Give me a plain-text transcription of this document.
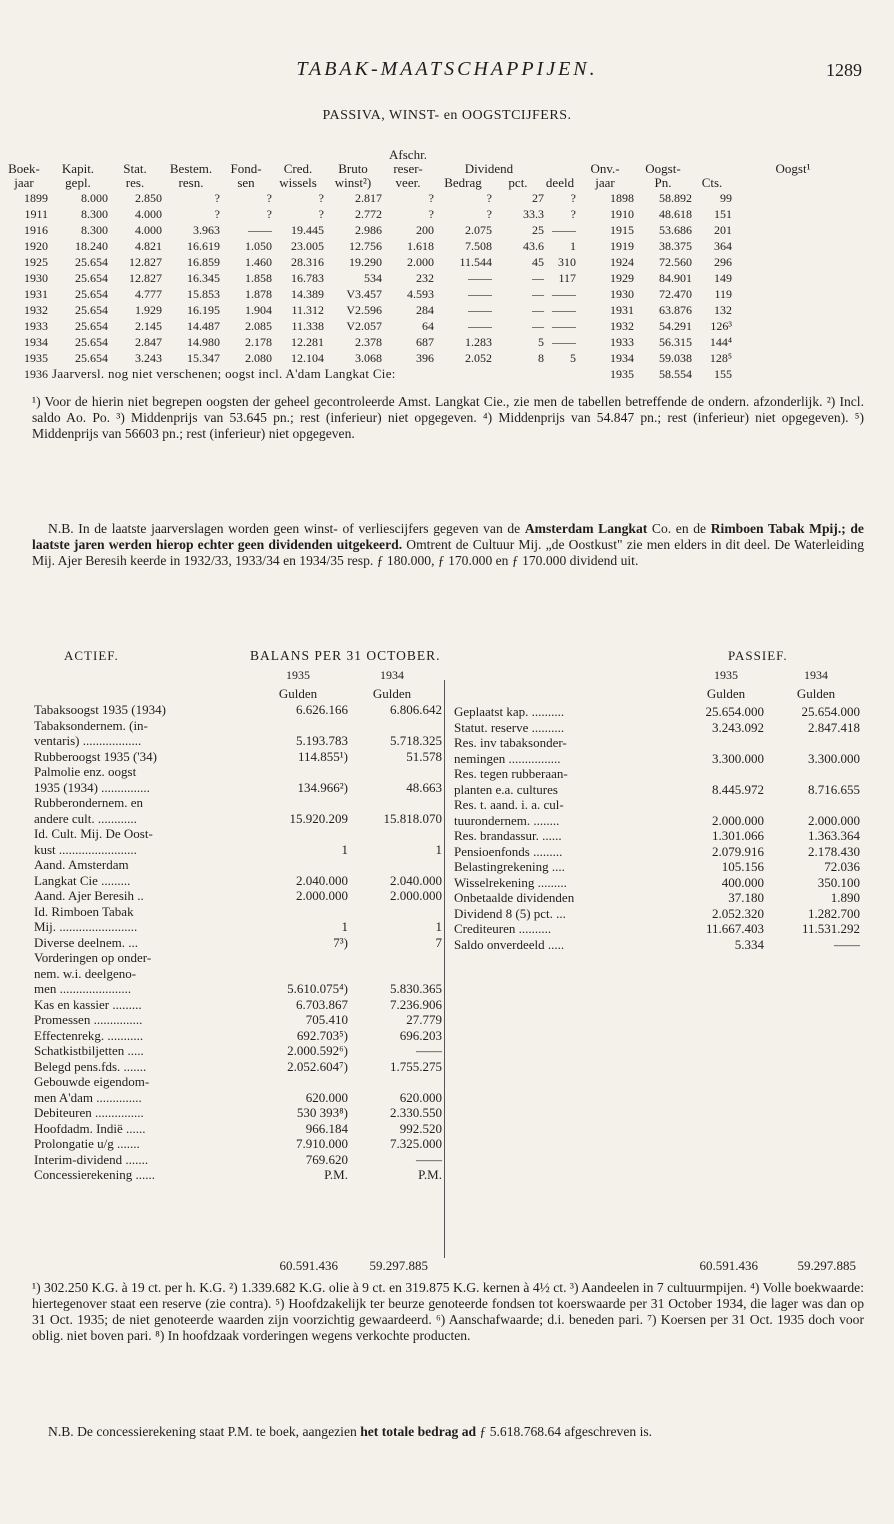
TABAK-MAATSCHAPPIJEN.	1289
PASSIVA, WINST- en OOGSTCIJFERS.
							Afschr.						
Boek-	Kapit.	Stat.	Bestem.	Fond-	Cred.	Bruto	reser-	Dividend			Onv.-	Oogst-	Oogst¹
jaar	gepl.	res.	resn.	sen	wissels	winst²)	veer.	Bedrag	pct.	deeld	jaar	Pn.	Cts.
1899	8.000	2.850	?	?	?	2.817	?	?	27	?	1898	58.892	99
1911	8.300	4.000	?	?	?	2.772	?	?	33.3	?	1910	48.618	151
1916	8.300	4.000	3.963	——	19.445	2.986	200	2.075	25	——	1915	53.686	201
1920	18.240	4.821	16.619	1.050	23.005	12.756	1.618	7.508	43.6	1	1919	38.375	364
1925	25.654	12.827	16.859	1.460	28.316	19.290	2.000	11.544	45	310	1924	72.560	296
1930	25.654	12.827	16.345	1.858	16.783	534	232	——	—	117	1929	84.901	149
1931	25.654	4.777	15.853	1.878	14.389	V3.457	4.593	——	—	——	1930	72.470	119
1932	25.654	1.929	16.195	1.904	11.312	V2.596	284	——	—	——	1931	63.876	132
1933	25.654	2.145	14.487	2.085	11.338	V2.057	64	——	—	——	1932	54.291	126³
1934	25.654	2.847	14.980	2.178	12.281	2.378	687	1.283	5	——	1933	56.315	144⁴
1935	25.654	3.243	15.347	2.080	12.104	3.068	396	2.052	8	5	1934	59.038	128⁵
1936	Jaarversl. nog niet verschenen; oogst incl. A'dam Langkat Cie:										1935	58.554	155

¹) Voor de hierin niet begrepen oogsten der geheel gecontroleerde Amst. Langkat Cie., zie men de tabellen betreffende de ondern. afzonderlijk. ²) Incl. saldo Ao. Po. ³) Middenprijs van 53.645 pn.; rest (inferieur) niet opgegeven. ⁴) Middenprijs van 54.847 pn.; rest (inferieur) niet opgegeven). ⁵) Middenprijs van 56603 pn.; rest (inferieur) niet opgegeven.

N.B. In de laatste jaarverslagen worden geen winst- of verliescijfers gegeven van de Amsterdam Langkat Co. en de Rimboen Tabak Mpij.; de laatste jaren werden hierop echter geen dividenden uitgekeerd. Omtrent de Cultuur Mij. „de Oostkust" zie men elders in dit deel. De Waterleiding Mij. Ajer Beresih keerde in 1932/33, 1933/34 en 1934/35 resp. ƒ 180.000, ƒ 170.000 en ƒ 170.000 dividend uit.
ACTIEF.	BALANS PER 31 OCTOBER.	PASSIEF.
1935	1934
Gulden	Gulden
1935	1934
Gulden	Gulden
Tabaksoogst 1935 (1934)	6.626.166	6.806.642
Tabaksondernem. (in-		
ventaris) ..................	5.193.783	5.718.325
Rubberoogst 1935 ('34)	114.855¹)	51.578
Palmolie enz. oogst		
1935 (1934) ...............	134.966²)	48.663
Rubberondernem. en		
andere cult. ............	15.920.209	15.818.070
Id. Cult. Mij. De Oost-		
kust ........................	1	1
Aand. Amsterdam		
Langkat Cie .........	2.040.000	2.040.000
Aand. Ajer Beresih ..	2.000.000	2.000.000
Id. Rimboen Tabak		
Mij. ........................	1	1
Diverse deelnem. ...	7³)	7
Vorderingen op onder-		
nem. w.i. deelgeno-		
men ......................	5.610.075⁴)	5.830.365
Kas en kassier .........	6.703.867	7.236.906
Promessen ...............	705.410	27.779
Effectenrekg. ...........	692.703⁵)	696.203
Schatkistbiljetten .....	2.000.592⁶)	——
Belegd pens.fds. .......	2.052.604⁷)	1.755.275
Gebouwde eigendom-		
men A'dam ..............	620.000	620.000
Debiteuren ...............	530 393⁸)	2.330.550
Hoofdadm. Indië ......	966.184	992.520
Prolongatie u/g .......	7.910.000	7.325.000
Interim-dividend .......	769.620	——
Concessierekening ......	P.M.	P.M.
Geplaatst kap. ..........	25.654.000	25.654.000
Statut. reserve ..........	3.243.092	2.847.418
Res. inv tabaksonder-		
nemingen ................	3.300.000	3.300.000
Res. tegen rubberaan-		
planten e.a. cultures	8.445.972	8.716.655
Res. t. aand. i. a. cul-		
tuurondernem. ........	2.000.000	2.000.000
Res. brandassur. ......	1.301.066	1.363.364
Pensioenfonds .........	2.079.916	2.178.430
Belastingrekening ....	105.156	72.036
Wisselrekening .........	400.000	350.100
Onbetaalde dividenden	37.180	1.890
Dividend 8 (5) pct. ...	2.052.320	1.282.700
Crediteuren ..........	11.667.403	11.531.292
Saldo onverdeeld .....	5.334	——
60.591.436	59.297.885	60.591.436	59.297.885
¹) 302.250 K.G. à 19 ct. per h. K.G. ²) 1.339.682 K.G. olie à 9 ct. en 319.875 K.G. kernen à 4½ ct. ³) Aandeelen in 7 cultuurmpijen. ⁴) Volle boekwaarde: hiertegenover staat een reserve (zie contra). ⁵) Hoofdzakelijk ter beurze genoteerde fondsen tot koerswaarde per 31 October 1934, die lager was dan op 31 Oct. 1935; de niet genoteerde waarden zijn voorzichtig gewaardeerd. ⁶) Aanschafwaarde; d.i. beneden pari. ⁷) Koersen per 31 Oct. 1935 doch voor oblig. niet boven pari. ⁸) In hoofdzaak vorderingen wegens verkochte producten.
N.B. De concessierekening staat P.M. te boek, aangezien het totale bedrag ad ƒ 5.618.768.64 afgeschreven is.
